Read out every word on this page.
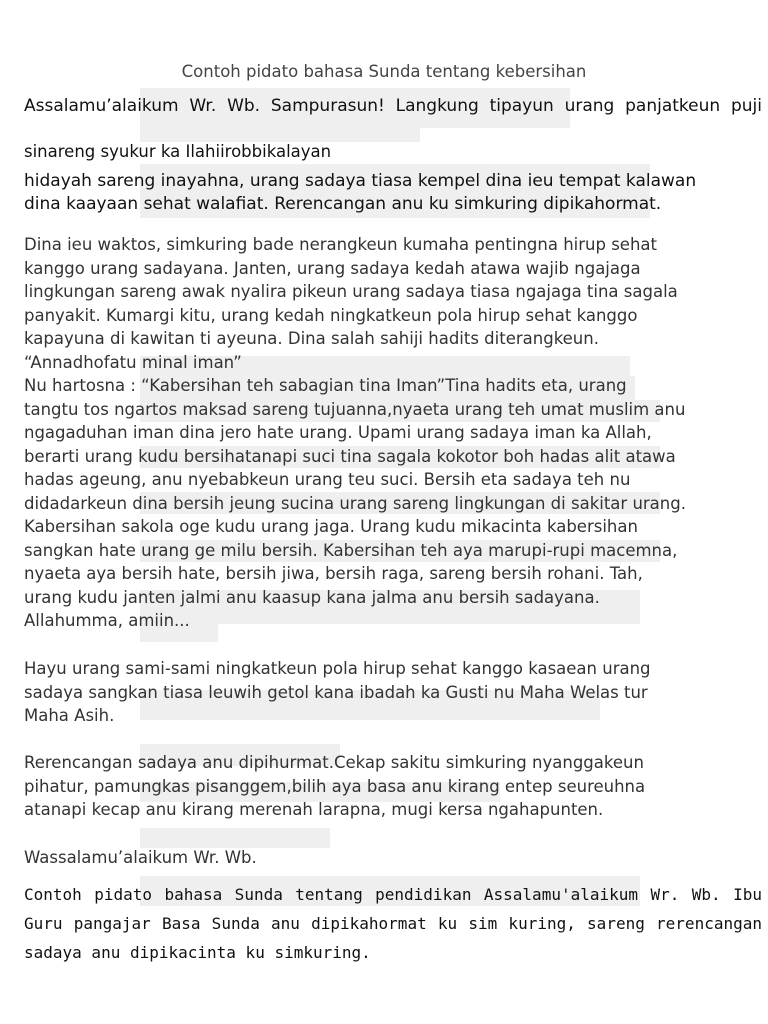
Contoh pidato bahasa Sunda tentang kebersihan
Assalamu’alaikum Wr. Wb. Sampurasun! Langkung tipayun urang panjatkeun puji
sinareng syukur ka Ilahiirobbikalayan
hidayah sareng inayahna, urang sadaya tiasa kempel dina ieu tempat kalawan
dina kaayaan sehat walafiat. Rerencangan anu ku simkuring dipikahormat.
Dina ieu waktos, simkuring bade nerangkeun kumaha pentingna hirup sehat
kanggo urang sadayana. Janten, urang sadaya kedah atawa wajib ngajaga
lingkungan sareng awak nyalira pikeun urang sadaya tiasa ngajaga tina sagala
panyakit. Kumargi kitu, urang kedah ningkatkeun pola hirup sehat kanggo
kapayuna di kawitan ti ayeuna. Dina salah sahiji hadits diterangkeun.
“Annadhofatu minal iman”
Nu hartosna : “Kabersihan teh sabagian tina Iman”Tina hadits eta, urang
tangtu tos ngartos maksad sareng tujuanna,nyaeta urang teh umat muslim anu
ngagaduhan iman dina jero hate urang. Upami urang sadaya iman ka Allah,
berarti urang kudu bersihatanapi suci tina sagala kokotor boh hadas alit atawa
hadas ageung, anu nyebabkeun urang teu suci. Bersih eta sadaya teh nu
didadarkeun dina bersih jeung sucina urang sareng lingkungan di sakitar urang.
Kabersihan sakola oge kudu urang jaga. Urang kudu mikacinta kabersihan
sangkan hate urang ge milu bersih. Kabersihan teh aya marupi-rupi macemna,
nyaeta aya bersih hate, bersih jiwa, bersih raga, sareng bersih rohani. Tah,
urang kudu janten jalmi anu kaasup kana jalma anu bersih sadayana.
Allahumma, amiin...
Hayu urang sami-sami ningkatkeun pola hirup sehat kanggo kasaean urang
sadaya sangkan tiasa leuwih getol kana ibadah ka Gusti nu Maha Welas tur
Maha Asih.
Rerencangan sadaya anu dipihurmat.Cekap sakitu simkuring nyanggakeun
pihatur, pamungkas pisanggem,bilih aya basa anu kirang entep seureuhna
atanapi kecap anu kirang merenah larapna, mugi kersa ngahapunten.
Wassalamu’alaikum Wr. Wb.
Contoh pidato bahasa Sunda tentang pendidikan Assalamu'alaikum Wr. Wb. Ibu Guru pangajar Basa Sunda anu dipikahormat ku sim kuring, sareng rerencangan sadaya anu dipikacinta ku simkuring.
